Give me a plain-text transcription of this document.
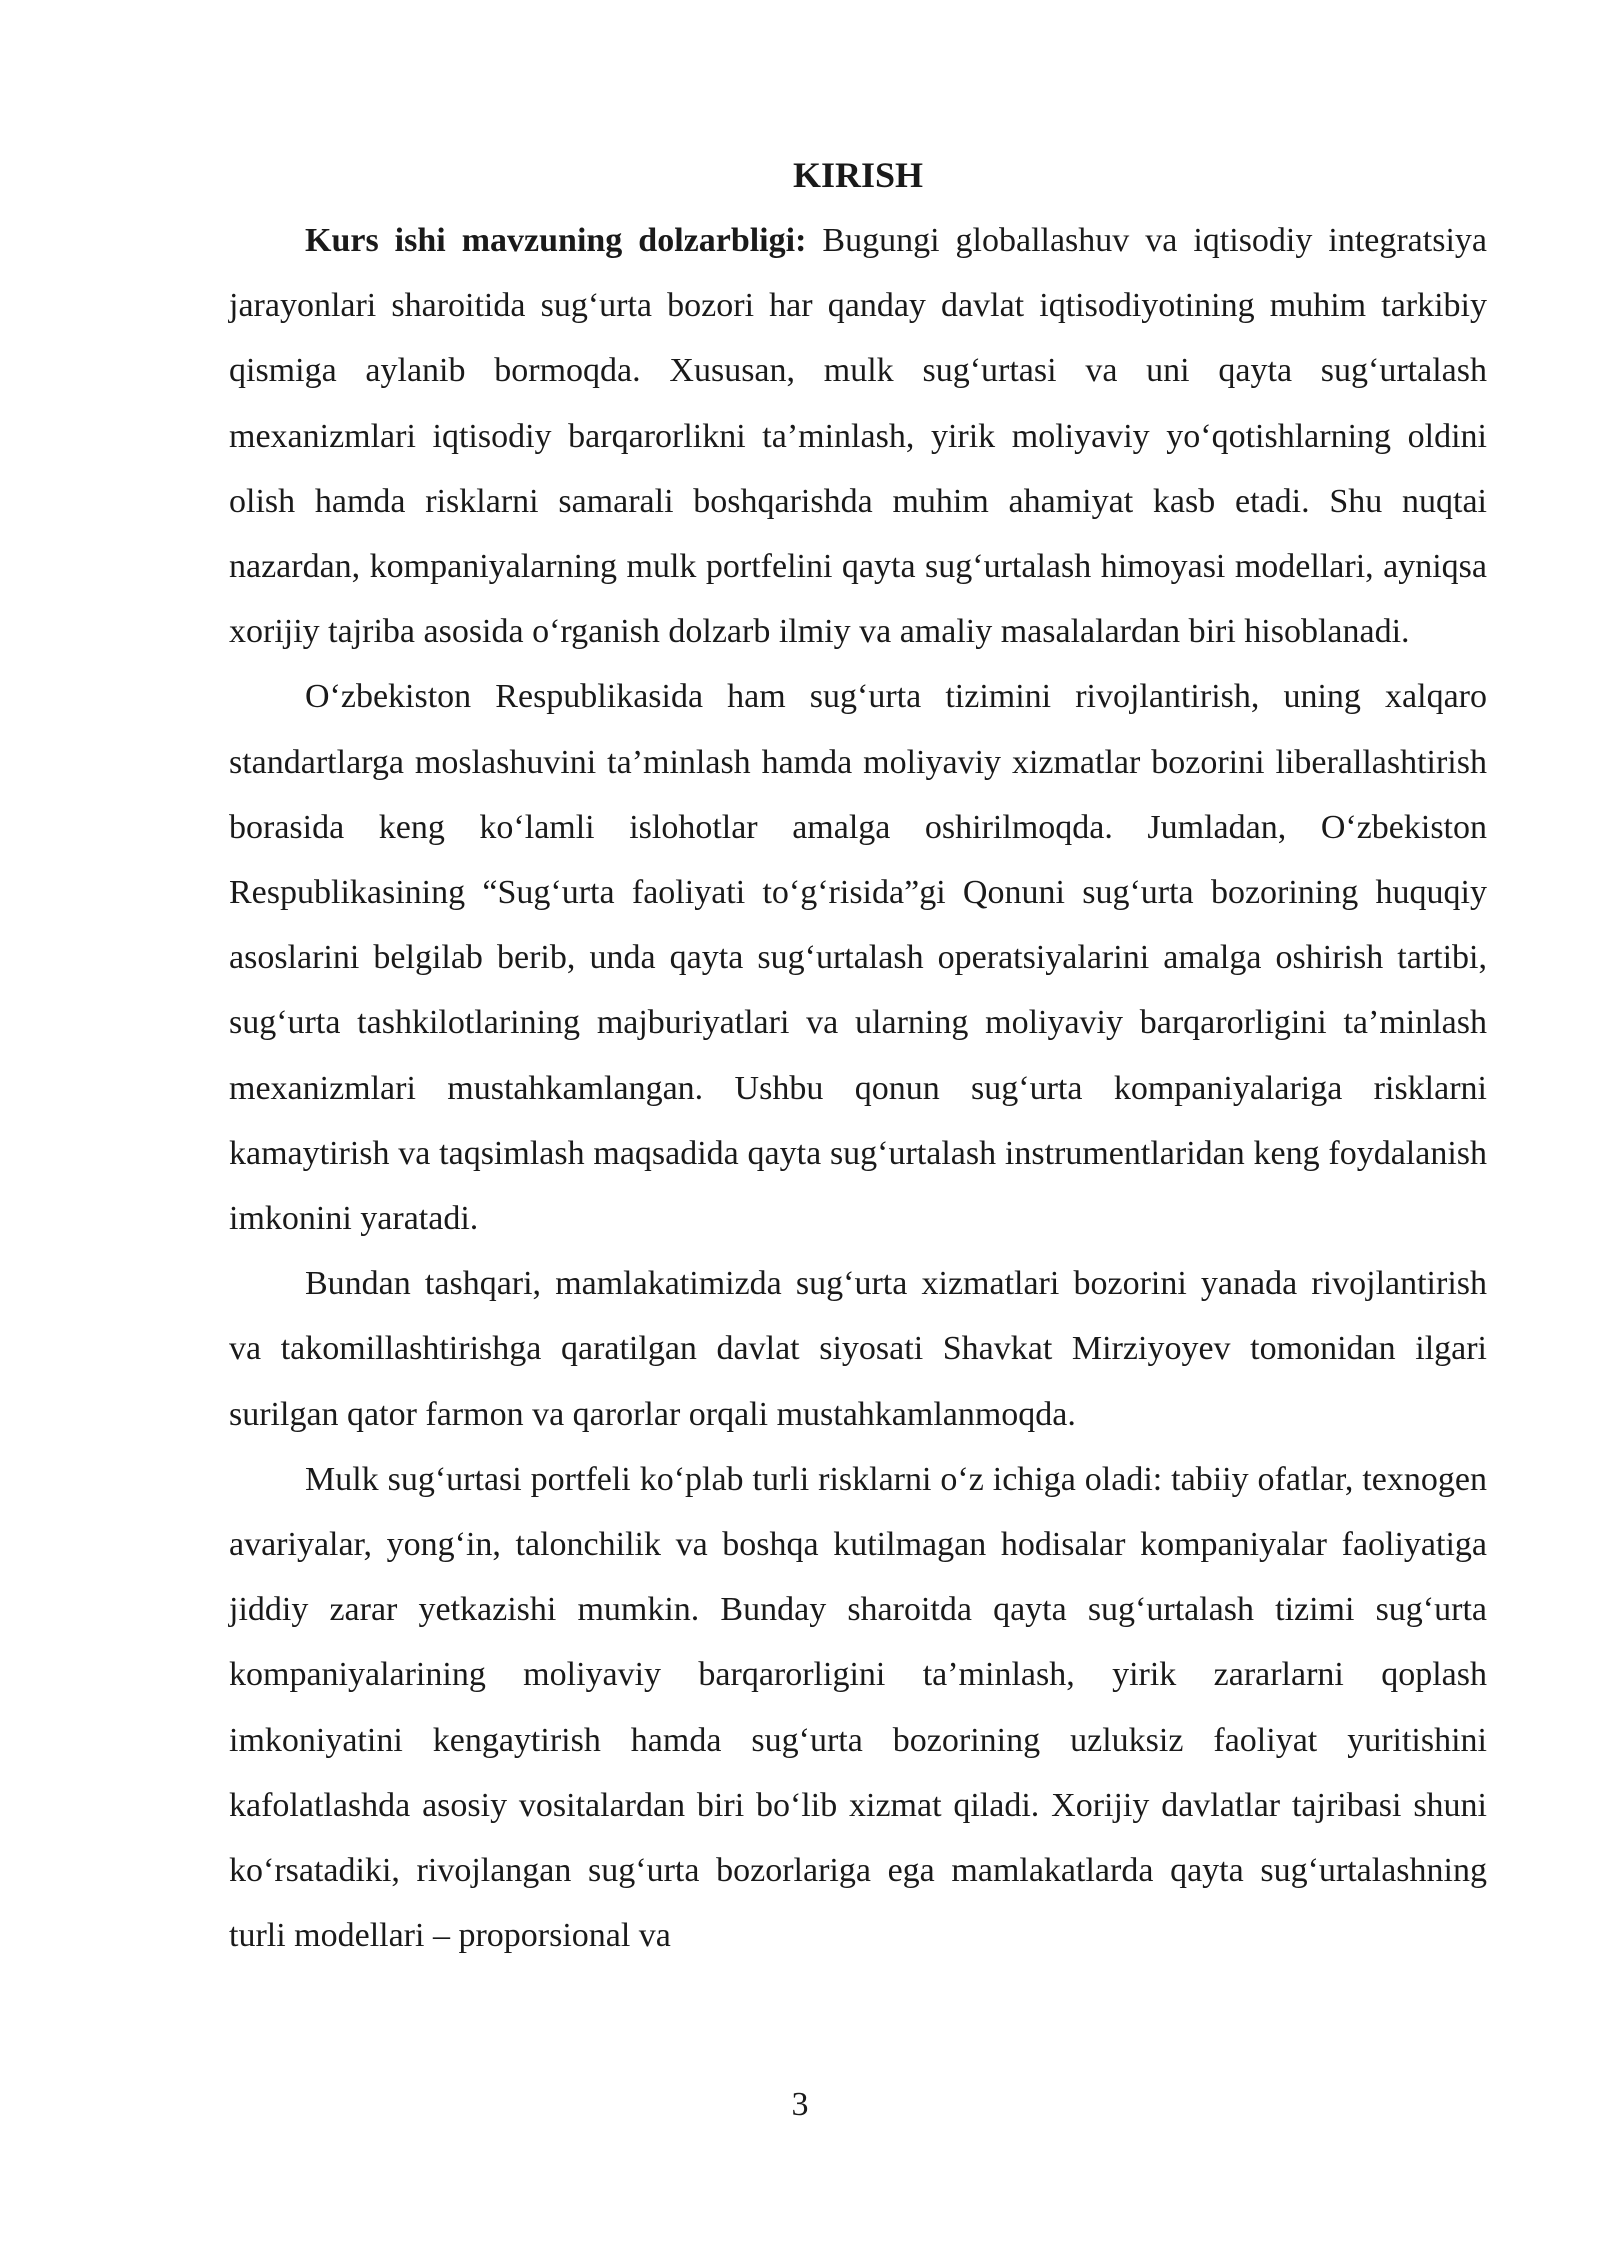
KIRISH

Kurs ishi mavzuning dolzarbligi: Bugungi globallashuv va iqtisodiy integratsiya jarayonlari sharoitida sug‘urta bozori har qanday davlat iqtisodiyotining muhim tarkibiy qismiga aylanib bormoqda. Xususan, mulk sug‘urtasi va uni qayta sug‘urtalash mexanizmlari iqtisodiy barqarorlikni ta’minlash, yirik moliyaviy yo‘qotishlarning oldini olish hamda risklarni samarali boshqarishda muhim ahamiyat kasb etadi. Shu nuqtai nazardan, kompaniyalarning mulk portfelini qayta sug‘urtalash himoyasi modellari, ayniqsa xorijiy tajriba asosida o‘rganish dolzarb ilmiy va amaliy masalalardan biri hisoblanadi.

O‘zbekiston Respublikasida ham sug‘urta tizimini rivojlantirish, uning xalqaro standartlarga moslashuvini ta’minlash hamda moliyaviy xizmatlar bozorini liberallashtirish borasida keng ko‘lamli islohotlar amalga oshirilmoqda. Jumladan, O‘zbekiston Respublikasining “Sug‘urta faoliyati to‘g‘risida”gi Qonuni sug‘urta bozorining huquqiy asoslarini belgilab berib, unda qayta sug‘urtalash operatsiyalarini amalga oshirish tartibi, sug‘urta tashkilotlarining majburiyatlari va ularning moliyaviy barqarorligini ta’minlash mexanizmlari mustahkamlangan. Ushbu qonun sug‘urta kompaniyalariga risklarni kamaytirish va taqsimlash maqsadida qayta sug‘urtalash instrumentlaridan keng foydalanish imkonini yaratadi.

Bundan tashqari, mamlakatimizda sug‘urta xizmatlari bozorini yanada rivojlantirish va takomillashtirishga qaratilgan davlat siyosati Shavkat Mirziyoyev tomonidan ilgari surilgan qator farmon va qarorlar orqali mustahkamlanmoqda.

Mulk sug‘urtasi portfeli ko‘plab turli risklarni o‘z ichiga oladi: tabiiy ofatlar, texnogen avariyalar, yong‘in, talonchilik va boshqa kutilmagan hodisalar kompaniyalar faoliyatiga jiddiy zarar yetkazishi mumkin. Bunday sharoitda qayta sug‘urtalash tizimi sug‘urta kompaniyalarining moliyaviy barqarorligini ta’minlash, yirik zararlarni qoplash imkoniyatini kengaytirish hamda sug‘urta bozorining uzluksiz faoliyat yuritishini kafolatlashda asosiy vositalardan biri bo‘lib xizmat qiladi. Xorijiy davlatlar tajribasi shuni ko‘rsatadiki, rivojlangan sug‘urta bozorlariga ega mamlakatlarda qayta sug‘urtalashning turli modellari – proporsional va

3
